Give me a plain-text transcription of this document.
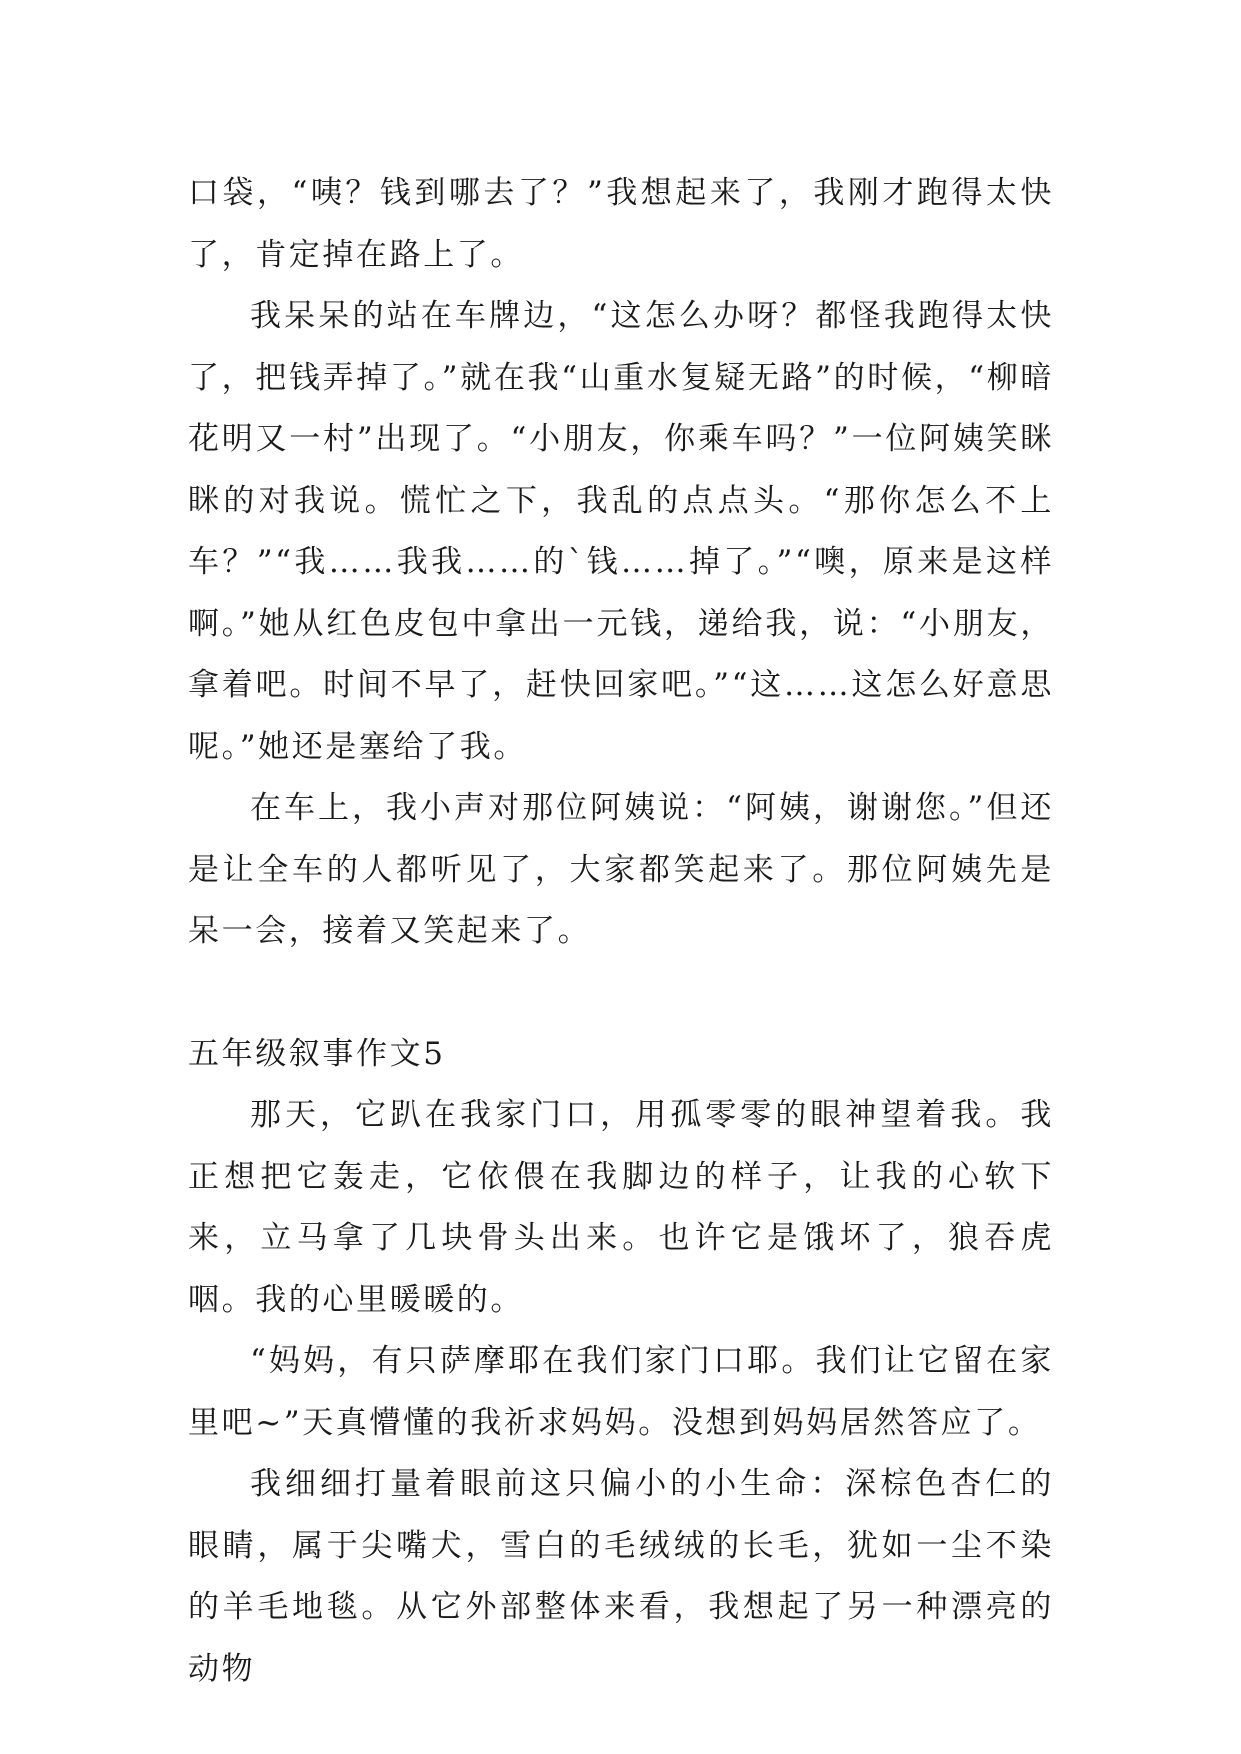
口袋，“咦？钱到哪去了？”我想起来了，我刚才跑得太快了，肯定掉在路上了。

我呆呆的站在车牌边，“这怎么办呀？都怪我跑得太快了，把钱弄掉了。”就在我“山重水复疑无路”的时候，“柳暗花明又一村”出现了。“小朋友，你乘车吗？”一位阿姨笑眯眯的对我说。慌忙之下，我乱的点点头。“那你怎么不上车？”“我……我我……的`钱……掉了。”“噢，原来是这样啊。”她从红色皮包中拿出一元钱，递给我，说：“小朋友，拿着吧。时间不早了，赶快回家吧。”“这……这怎么好意思呢。”她还是塞给了我。

在车上，我小声对那位阿姨说：“阿姨，谢谢您。”但还是让全车的人都听见了，大家都笑起来了。那位阿姨先是呆一会，接着又笑起来了。

五年级叙事作文5

那天，它趴在我家门口，用孤零零的眼神望着我。我正想把它轰走，它依偎在我脚边的样子，让我的心软下来，立马拿了几块骨头出来。也许它是饿坏了，狼吞虎咽。我的心里暖暖的。

“妈妈，有只萨摩耶在我们家门口耶。我们让它留在家里吧~”天真懵懂的我祈求妈妈。没想到妈妈居然答应了。

我细细打量着眼前这只偏小的小生命：深棕色杏仁的眼睛，属于尖嘴犬，雪白的毛绒绒的长毛，犹如一尘不染的羊毛地毯。从它外部整体来看，我想起了另一种漂亮的动物
